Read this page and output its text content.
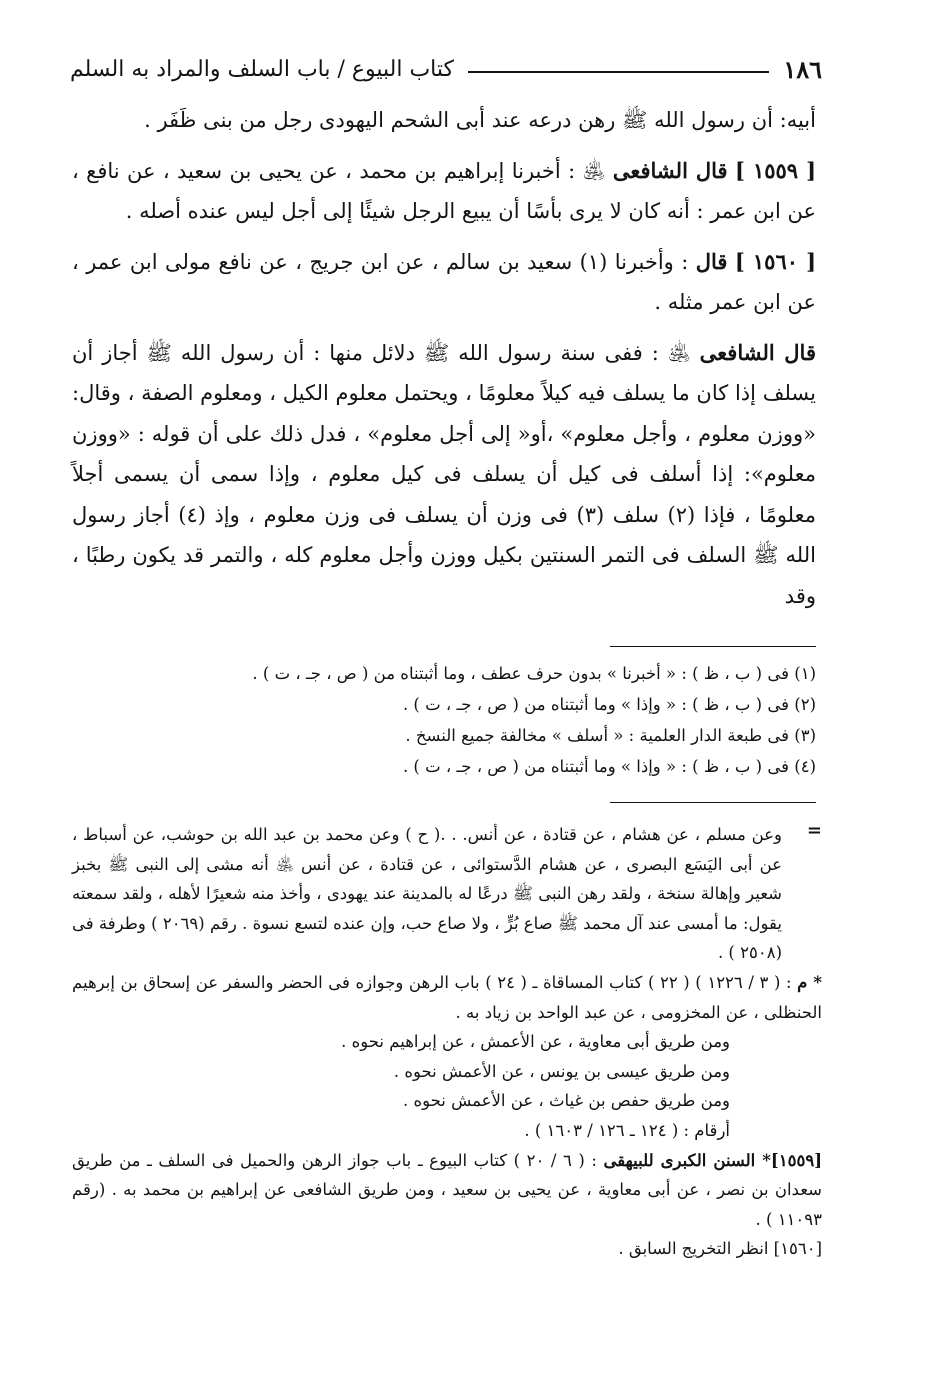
١٨٦
كتاب البيوع / باب السلف والمراد به السلم

أبيه: أن رسول الله ﷺ رهن درعه عند أبى الشحم اليهودى رجل من بنى ظَفَر .

[ ١٥٥٩ ] قال الشافعى ﵁ : أخبرنا إبراهيم بن محمد ، عن يحيى بن سعيد ، عن نافع ، عن ابن عمر : أنه كان لا يرى بأسًا أن يبيع الرجل شيئًا إلى أجل ليس عنده أصله .

[ ١٥٦٠ ] قال : وأخبرنا (١) سعيد بن سالم ، عن ابن جريج ، عن نافع مولى ابن عمر ، عن ابن عمر مثله .

قال الشافعى ﵁ : ففى سنة رسول الله ﷺ دلائل منها : أن رسول الله ﷺ أجاز أن يسلف إذا كان ما يسلف فيه كيلاً معلومًا ، ويحتمل معلوم الكيل ، ومعلوم الصفة ، وقال: «ووزن معلوم ، وأجل معلوم» ،أو« إلى أجل معلوم» ، فدل ذلك على أن قوله : «ووزن معلوم»: إذا أسلف فى كيل أن يسلف فى كيل معلوم ، وإذا سمى أن يسمى أجلاً معلومًا ، فإذا (٢) سلف (٣) فى وزن أن يسلف فى وزن معلوم ، وإذ (٤) أجاز رسول الله ﷺ السلف فى التمر السنتين بكيل ووزن وأجل معلوم كله ، والتمر قد يكون رطبًا ، وقد

(١) فى ( ب ، ظ ) : « أخبرنا » بدون حرف عطف ، وما أثبتناه من ( ص ، جـ ، ت ) .

(٢) فى ( ب ، ظ ) : « وإذا » وما أثبتناه من ( ص ، جـ ، ت ) .

(٣) فى طبعة الدار العلمية : « أسلف » مخالفة جميع النسخ .

(٤) فى ( ب ، ظ ) : « وإذا » وما أثبتناه من ( ص ، جـ ، ت ) .

=

وعن مسلم ، عن هشام ، عن قتادة ، عن أنس. . .( ح ) وعن محمد بن عبد الله بن حوشب، عن أسباط ، عن أبى اليَسَع البصرى ، عن هشام الدَّستوائى ، عن قتادة ، عن أنس ﵁ أنه مشى إلى النبى ﷺ بخبز شعير وإهالة سنخة ، ولقد رهن النبى ﷺ درعًا له بالمدينة عند يهودى ، وأخذ منه شعيرًا لأهله ، ولقد سمعته يقول: ما أمسى عند آل محمد ﷺ صاع بُرٍّ ، ولا صاع حب، وإن عنده لتسع نسوة . رقم (٢٠٦٩ ) وطرفة فى (٢٥٠٨ ) .

* م : ( ٣ / ١٢٢٦ ) ( ٢٢ ) كتاب المساقاة ـ ( ٢٤ ) باب الرهن وجوازه فى الحضر والسفر عن إسحاق بن إبرهيم الحنظلى ، عن المخزومى ، عن عبد الواحد بن زياد به .

ومن طريق أبى معاوية ، عن الأعمش ، عن إبراهيم نحوه .

ومن طريق عيسى بن يونس ، عن الأعمش نحوه .

ومن طريق حفص بن غياث ، عن الأعمش نحوه .

أرقام : ( ١٢٤ ـ ١٢٦ / ١٦٠٣ ) .

[١٥٥٩]* السنن الكبرى للبيهقى : ( ٦ / ٢٠ ) كتاب البيوع ـ باب جواز الرهن والحميل فى السلف ـ من طريق سعدان بن نصر ، عن أبى معاوية ، عن يحيى بن سعيد ، ومن طريق الشافعى عن إبراهيم بن محمد به . (رقم ١١٠٩٣ ) .

[١٥٦٠] انظر التخريج السابق .
